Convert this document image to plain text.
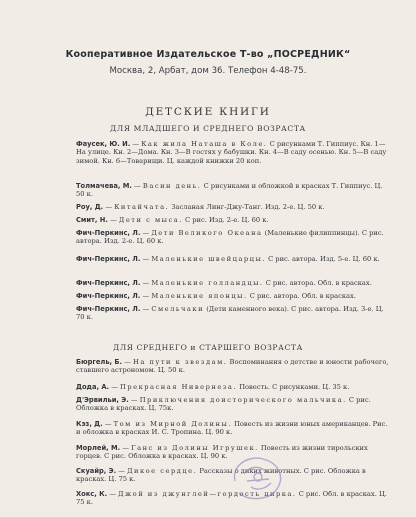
Кооперативное Издательское Т-во „ПОСРЕДНИК“
Москва, 2, Арбат, дом 36. Телефон 4-48-75.
ДЕТСКИЕ КНИГИ
ДЛЯ МЛАДШЕГО И СРЕДНЕГО ВОЗРАСТА
Фаусек, Ю. И. — Как жила Наташа в Коле. С рисунками Т. Гиппиус. Кн. 1—На улице. Кн. 2—Дома. Кн. 3—В гостях у бабушки. Кн. 4—В саду осенью. Кн. 5—В саду зимой. Кн. 6—Товарищи. Ц. каждой книжки 20 коп.
Толмачева, М. — Васин день. С рисунками и обложкой в красках Т. Гиппиус. Ц. 50 к.
Роу, Д. — Китайчата. Засланая Линг-Джу-Танг. Изд. 2-е. Ц. 50 к.
Смит, Н. — Дети с мыса. С рис. Изд. 2-е. Ц. 60 к.
Фич-Перкинс, Л. — Дети Великого Океана (Маленькие филиппинцы). С рис. автора. Изд. 2-е. Ц. 60 к.
Фич-Перкинс, Л. — Маленькие швейцарцы. С рис. автора. Изд. 5-е. Ц. 60 к.
Фич-Перкинс, Л. — Маленькие голландцы. С рис. автора. Обл. в красках.
Фич-Перкинс, Л. — Маленькие японцы. С рис. автора. Обл. в красках.
Фич-Перкинс, Л. — Смельчаки (Дети каменного века). С рис. автора. Изд. 3-е. Ц. 70 к.
ДЛЯ СРЕДНЕГО и СТАРШЕГО ВОЗРАСТА
Бюргель, Б. — На пути к звездам. Воспоминания о детстве и юности рабочего, ставшего астрономом. Ц. 50 к.
Дода, А. — Прекрасная Нивернеза. Повесть. С рисунками. Ц. 35 к.
Д'Эрвильи, Э. — Приключения доисторического мальчика. С рис. Обложка в красках. Ц. 75к.
Кэз, Д. — Том из Мирной Долины. Повесть из жизни юных американцев. Рис. и обложка в красках И. С. Тропина. Ц. 90 к.
Морлей, М. — Ганс из Долины Игрушек. Повесть из жизни тирольских горцев. С рис. Обложка в красках. Ц. 90 к.
Скуайр, Э. — Дикое сердце. Рассказы о диких животных. С рис. Обложка в красках. Ц. 75 к.
Хокс, К. — Джой из джунглей—гордость цирка. С рис. Обл. в красках. Ц. 75 к.
